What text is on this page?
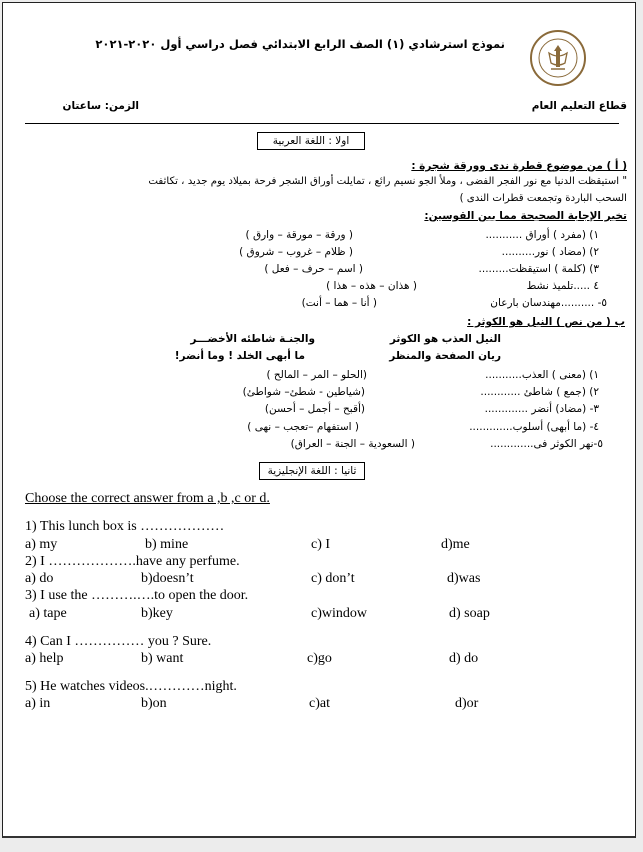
نموذج استرشادي (١) الصف الرابع الابتدائي فصل دراسي أول ٢٠٢٠-٢٠٢١
قطاع التعليم العام
الزمن: ساعتان
اولا : اللغة العربية
( أ ) من موضوع قطرة ندى وورقة شجرة :
" استيقظت الدنيا مع نور الفجر الفضى ، وملأ الجو نسيم رائع ، تمايلت أوراق الشجر فرحة بميلاد يوم جديد ، تكاثفت
السحب الباردة وتجمعت قطرات الندى )
تخير الإجابة الصحيحة مما بين القوسين:
١) (مفرد ) أوراق ...........
( ورقة – مورقة – وارق )
٢) (مضاد ) نور..........
( ظلام – غروب – شروق )
٣) (كلمة ) استيقظت.........
( اسم – حرف – فعل )
٤ .....تلميذ نشط
( هذان – هذه – هذا )
٥- ..........مهندسان بارعان
( أنا – هما – أنت)
ب ( من نص ) النيل هو الكوثر :
النيل العذب هو الكوثر
والجنـة شاطئه الأخضـــر
ريان الصفحة والمنظر
ما أبهى الخلد ! وما أنضر!
١) (معنى ) العذب...........
(الحلو – المر – المالح )
٢) (جمع ) شاطئ ............
(شياطين - شطئ– شواطئ)
٣- (مضاد) أنضر .............
(أقبح – أجمل – أحسن)
٤- (ما أبهى) أسلوب.............
( استفهام –تعجب – نهى )
٥-نهر الكوثر فى.............
( السعودية – الجنة – العراق)
ثانيا : اللغة الإنجليزية
Choose the correct answer from a ,b ,c or d.
1) This lunch box is ………………
a) my	b) mine	c) I	d)me
2) I ……………….have any perfume.
a) do	b)doesn’t	c) don’t	d)was
3) I use the ……….….to open the door.
a) tape	b)key	c)window	d) soap
4) Can I …………… you ? Sure.
a) help	b) want	c)go	d) do
5) He watches videos.…………night.
a) in	b)on	c)at	d)or
